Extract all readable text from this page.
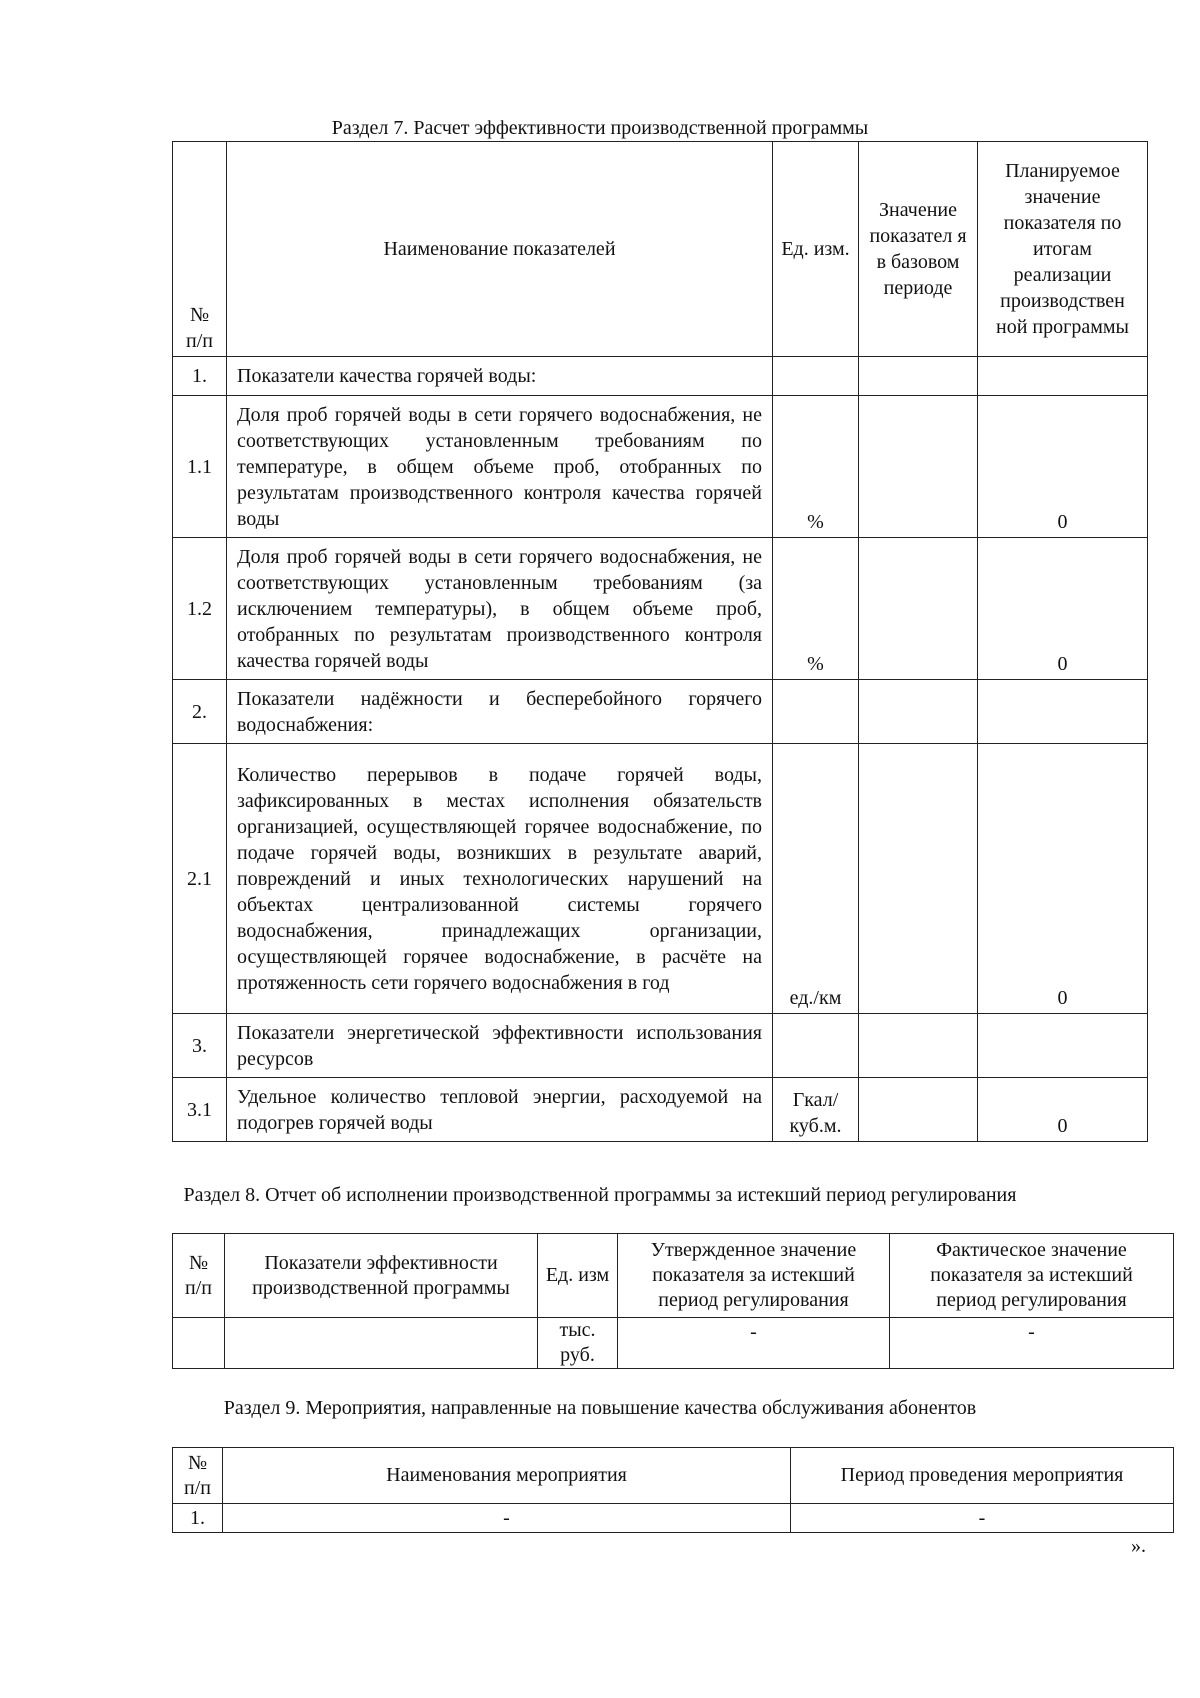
Раздел 7. Расчет эффективности производственной программы
№ п/п	Наименование показателей	Ед. изм.	Значение показател я в базовом периоде	Планируемое значение показателя по итогам реализации производствен ной программы
1.	Показатели качества горячей воды:			
1.1	Доля проб горячей воды в сети горячего водоснабжения, не соответствующих установленным требованиям по температуре, в общем объеме проб, отобранных по результатам производственного контроля качества горячей воды	%		0
1.2	Доля проб горячей воды в сети горячего водоснабжения, не соответствующих установленным требованиям (за исключением температуры), в общем объеме проб, отобранных по результатам производственного контроля качества горячей воды	%		0
2.	Показатели надёжности и бесперебойного горячего водоснабжения:			
2.1	Количество перерывов в подаче горячей воды, зафиксированных в местах исполнения обязательств организацией, осуществляющей горячее водоснабжение, по подаче горячей воды, возникших в результате аварий, повреждений и иных технологических нарушений на объектах централизованной системы горячего водоснабжения, принадлежащих организации, осуществляющей горячее водоснабжение, в расчёте на протяженность сети горячего водоснабжения в год	ед./км		0
3.	Показатели энергетической эффективности использования ресурсов			
3.1	Удельное количество тепловой энергии, расходуемой на подогрев горячей воды	Гкал/ куб.м.		0
Раздел 8. Отчет об исполнении производственной программы за истекший период регулирования
№ п/п	Показатели эффективности производственной программы	Ед. изм	Утвержденное значение показателя за истекший период регулирования	Фактическое значение показателя за истекший период регулирования
		тыс. руб.	-	-
Раздел 9. Мероприятия, направленные на повышение качества обслуживания абонентов
№ п/п	Наименования мероприятия	Период проведения мероприятия
1.	-	-
».
